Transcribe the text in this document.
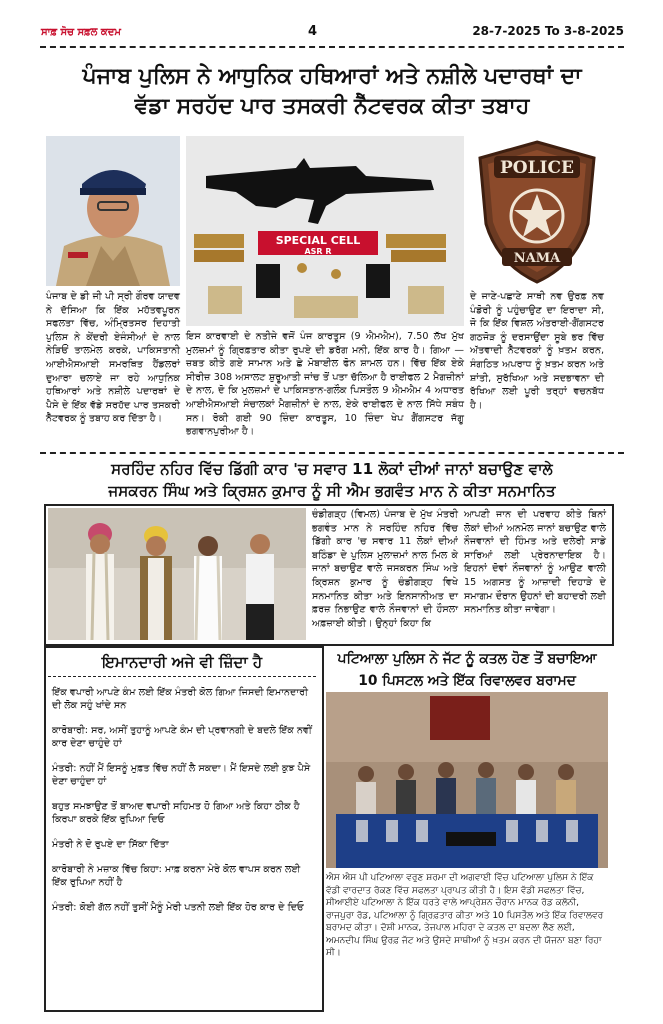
ਸਾਫ਼ ਸੋਚ ਸਫ਼ਲ ਕਦਮ	4	28-7-2025 To 3-8-2025
ਪੰਜਾਬ ਪੁਲਿਸ ਨੇ ਆਧੁਨਿਕ ਹਥਿਆਰਾਂ ਅਤੇ ਨਸ਼ੀਲੇ ਪਦਾਰਥਾਂ ਦਾ
ਵੱਡਾ ਸਰਹੱਦ ਪਾਰ ਤਸਕਰੀ ਨੈੱਟਵਰਕ ਕੀਤਾ ਤਬਾਹ
SPECIAL CELL
ASR R
POLICE
NAMA
ਪੰਜਾਬ ਦੇ ਡੀ ਜੀ ਪੀ ਸ੍ਰੀ ਗੌਰਵ ਯਾਦਵ ਨੇ ਦੱਸਿਆ ਕਿ ਇੱਕ ਮਹੱਤਵਪੂਰਨ ਸਫਲਤਾ ਵਿੱਚ, ਅੰਮ੍ਰਿਤਸਰ ਦਿਹਾਤੀ ਪੁਲਿਸ ਨੇ ਕੇਂਦਰੀ ਏਜੰਸੀਆਂ ਦੇ ਨਾਲ ਨੇੜਿਓਂ ਤਾਲਮੇਲ ਕਰਕੇ, ਪਾਕਿਸਤਾਨੀ ਆਈਐਸਆਈ ਸਮਰਥਿਤ ਹੈਂਡਲਰਾਂ ਦੁਆਰਾ ਚਲਾਏ ਜਾ ਰਹੇ ਆਧੁਨਿਕ ਹਥਿਆਰਾਂ ਅਤੇ ਨਸ਼ੀਲੇ ਪਦਾਰਥਾਂ ਦੇ ਪੈਸੇ ਦੇ ਇੱਕ ਵੱਡੇ ਸਰਹੱਦ ਪਾਰ ਤਸਕਰੀ ਨੈੱਟਵਰਕ ਨੂੰ ਤਬਾਹ ਕਰ ਦਿੱਤਾ ਹੈ।
ਇਸ ਕਾਰਵਾਈ ਦੇ ਨਤੀਜੇ ਵਜੋਂ ਪੰਜ ਕਾਰਤੂਸ (9 ਐਮਐਮ), 7.50 ਲੱਖ ਮੁੱਖ ਮੁਲਜ਼ਮਾਂ ਨੂੰ ਗ੍ਰਿਫ਼ਤਾਰ ਕੀਤਾ ਰੁਪਏ ਦੀ ਡਰੱਗ ਮਨੀ, ਇੱਕ ਕਾਰ ਹੈ। ਗਿਆ — ਜ਼ਬਤ ਕੀਤੇ ਗਏ ਸਾਮਾਨ ਅਤੇ ਛੇ ਮੋਬਾਈਲ ਫੋਨ ਸ਼ਾਮਲ ਹਨ। ਵਿੱਚ ਇੱਕ ਏਕੇ ਸੀਰੀਜ਼ 308 ਅਸਾਲਟ ਸ਼ੁਰੂਆਤੀ ਜਾਂਚ ਤੋਂ ਪਤਾ ਚੱਲਿਆ ਹੈ ਰਾਈਫਲ 2 ਮੈਗਜ਼ੀਨਾਂ ਦੇ ਨਾਲ, ਦੋ ਕਿ ਮੁਲਜ਼ਮਾਂ ਦੇ ਪਾਕਿਸਤਾਨ-ਗਲੌਕ ਪਿਸਤੌਲ 9 ਐਮਐਮ 4 ਅਧਾਰਤ ਆਈਐਸਆਈ ਸੰਚਾਲਕਾਂ ਮੈਗਜ਼ੀਨਾਂ ਦੇ ਨਾਲ, ਏਕੇ ਰਾਈਫਲ ਦੇ ਨਾਲ ਸਿੱਧੇ ਸਬੰਧ ਸਨ। ਰੋਕੀ ਗਈ 90 ਜ਼ਿੰਦਾ ਕਾਰਤੂਸ, 10 ਜ਼ਿੰਦਾ ਖੇਪ ਗੈਂਗਸਟਰ ਜੱਗੂ ਭਗਵਾਨਪੁਰੀਆ ਹੈ।
ਦੇ ਜਾਣੇ-ਪਛਾਣੇ ਸਾਥੀ ਨਵ ਉਰਫ਼ ਨਵ ਪੰਡੋਰੀ ਨੂੰ ਪਹੁੰਚਾਉਣ ਦਾ ਇਰਾਦਾ ਸੀ, ਜੋ ਕਿ ਇੱਕ ਵਿਸ਼ਲ ਅੰਤਰਾਈ-ਗੈਂਗਸਟਰ ਗਠਜੋੜ ਨੂੰ ਦਰਸਾਉਂਦਾ ਸੂਬੇ ਭਰ ਵਿੱਚ ਅੱਤਵਾਦੀ ਨੈੱਟਵਰਕਾਂ ਨੂੰ ਖ਼ਤਮ ਕਰਨ, ਸੰਗਠਿਤ ਅਪਰਾਧ ਨੂੰ ਖ਼ਤਮ ਕਰਨ ਅਤੇ ਸ਼ਾਂਤੀ, ਸੁਰੱਖਿਆ ਅਤੇ ਸਦਭਾਵਨਾ ਦੀ ਰੱਖਿਆ ਲਈ ਪੂਰੀ ਤਰ੍ਹਾਂ ਵਚਨਬੱਧ ਹੈ।
ਸਰਹਿੰਦ ਨਹਿਰ ਵਿੱਚ ਡਿੱਗੀ ਕਾਰ 'ਚ ਸਵਾਰ 11 ਲੋਕਾਂ ਦੀਆਂ ਜਾਨਾਂ ਬਚਾਉਣ ਵਾਲੇ
ਜਸਕਰਨ ਸਿੰਘ ਅਤੇ ਕ੍ਰਿਸ਼ਨ ਕੁਮਾਰ ਨੂੰ ਸੀ ਐਮ ਭਗਵੰਤ ਮਾਨ ਨੇ ਕੀਤਾ ਸਨਮਾਨਿਤ
ਚੰਡੀਗੜ੍ਹ (ਵਿਮਲ) ਪੰਜਾਬ ਦੇ ਮੁੱਖ ਮੰਤਰੀ ਭਗਵੰਤ ਮਾਨ ਨੇ ਸਰਹਿੰਦ ਨਹਿਰ ਵਿੱਚ ਡਿੱਗੀ ਕਾਰ 'ਚ ਸਵਾਰ 11 ਲੋਕਾਂ ਦੀਆਂ ਬਠਿੰਡਾ ਦੇ ਪੁਲਿਸ ਮੁਲਾਜ਼ਮਾਂ ਨਾਲ ਮਿਲ ਕੇ ਜਾਨਾਂ ਬਚਾਉਣ ਵਾਲੇ ਜਸਕਰਨ ਸਿੰਘ ਅਤੇ ਕ੍ਰਿਸ਼ਨ ਕੁਮਾਰ ਨੂੰ ਚੰਡੀਗੜ੍ਹ ਵਿਖੇ ਸਨਮਾਨਿਤ ਕੀਤਾ ਅਤੇ ਇਨਸਾਨੀਅਤ ਦਾ ਫ਼ਰਜ਼ ਨਿਭਾਉਣ ਵਾਲੇ ਨੌਜਵਾਨਾਂ ਦੀ ਹੌਸਲਾ ਅਫ਼ਜ਼ਾਈ ਕੀਤੀ। ਉਨ੍ਹਾਂ ਕਿਹਾ ਕਿ
ਆਪਣੀ ਜਾਨ ਦੀ ਪਰਵਾਹ ਕੀਤੇ ਬਿਨਾਂ ਲੋਕਾਂ ਦੀਆਂ ਅਨਮੋਲ ਜਾਨਾਂ ਬਚਾਉਣ ਵਾਲੇ ਨੌਜਵਾਨਾਂ ਦੀ ਹਿੰਮਤ ਅਤੇ ਦਲੇਰੀ ਸਾਡੇ ਸਾਰਿਆਂ ਲਈ ਪ੍ਰੇਰਨਾਦਾਇਕ ਹੈ। ਇਹਨਾਂ ਦੋਵਾਂ ਨੌਜਵਾਨਾਂ ਨੂੰ ਆਉਣ ਵਾਲੀ 15 ਅਗਸਤ ਨੂੰ ਆਜ਼ਾਦੀ ਦਿਹਾੜੇ ਦੇ ਸਮਾਗਮ ਦੌਰਾਨ ਉਹਨਾਂ ਦੀ ਬਹਾਦਰੀ ਲਈ ਸਨਮਾਨਿਤ ਕੀਤਾ ਜਾਵੇਗਾ।
ਇਮਾਨਦਾਰੀ ਅਜੇ ਵੀ ਜ਼ਿੰਦਾ ਹੈ

ਇੱਕ ਵਪਾਰੀ ਆਪਣੇ ਕੰਮ ਲਈ ਇੱਕ ਮੰਤਰੀ ਕੋਲ ਗਿਆ ਜਿਸਦੀ ਇਮਾਨਦਾਰੀ ਦੀ ਲੋਕ ਸਹੁੰ ਖਾਂਦੇ ਸਨ

ਕਾਰੋਬਾਰੀ: ਸਰ, ਅਸੀਂ ਤੁਹਾਨੂੰ ਆਪਣੇ ਕੰਮ ਦੀ ਪ੍ਰਵਾਨਗੀ ਦੇ ਬਦਲੇ ਇੱਕ ਨਵੀਂ ਕਾਰ ਦੇਣਾ ਚਾਹੁੰਦੇ ਹਾਂ

ਮੰਤਰੀ: ਨਹੀਂ ਮੈਂ ਇਸਨੂੰ ਮੁਫ਼ਤ ਵਿੱਚ ਨਹੀਂ ਲੈ ਸਕਦਾ। ਮੈਂ ਇਸਦੇ ਲਈ ਕੁਝ ਪੈਸੇ ਦੇਣਾ ਚਾਹੁੰਦਾ ਹਾਂ

ਬਹੁਤ ਸਮਝਾਉਣ ਤੋਂ ਬਾਅਦ ਵਪਾਰੀ ਸਹਿਮਤ ਹੋ ਗਿਆ ਅਤੇ ਕਿਹਾ ਠੀਕ ਹੈ ਕਿਰਪਾ ਕਰਕੇ ਇੱਕ ਰੁਪਿਆ ਦਿਓ

ਮੰਤਰੀ ਨੇ ਦੋ ਰੁਪਏ ਦਾ ਸਿੱਕਾ ਦਿੱਤਾ

ਕਾਰੋਬਾਰੀ ਨੇ ਮਜ਼ਾਕ ਵਿੱਚ ਕਿਹਾ: ਮਾਫ਼ ਕਰਨਾ ਮੇਰੇ ਕੋਲ ਵਾਪਸ ਕਰਨ ਲਈ ਇੱਕ ਰੁਪਿਆ ਨਹੀਂ ਹੈ

ਮੰਤਰੀ: ਕੋਈ ਗੱਲ ਨਹੀਂ ਤੁਸੀਂ ਮੈਨੂੰ ਮੇਰੀ ਪਤਨੀ ਲਈ ਇੱਕ ਹੋਰ ਕਾਰ ਦੇ ਦਿਓ

ਪਟਿਆਲਾ ਪੁਲਿਸ ਨੇ ਜੱਟ ਨੂੰ ਕਤਲ ਹੋਣ ਤੋਂ ਬਚਾਇਆ
10 ਪਿਸਟਲ ਅਤੇ ਇੱਕ ਰਿਵਾਲਵਰ ਬਰਾਮਦ
ਐਸ ਐਸ ਪੀ ਪਟਿਆਲਾ ਵਰੁਣ ਸ਼ਰਮਾ ਦੀ ਅਗਵਾਈ ਵਿੱਚ ਪਟਿਆਲਾ ਪੁਲਿਸ ਨੇ ਇੱਕ ਵੱਡੀ ਵਾਰਦਾਤ ਰੋਕਣ ਵਿੱਚ ਸਫਲਤਾ ਪ੍ਰਾਪਤ ਕੀਤੀ ਹੈ। ਇਸ ਵੱਡੀ ਸਫਲਤਾ ਵਿੱਚ, ਸੀਆਈਏ ਪਟਿਆਲਾ ਨੇ ਇੱਕ ਧਰਤੇ ਵਾਲੇ ਆਪ੍ਰੇਸ਼ਨ ਚੌਰਾਨ ਮਾਨਕ ਰੋਡ ਕਲੋਨੀ, ਰਾਜਪੁਰਾ ਰੋਡ, ਪਟਿਆਲਾ ਨੂੰ ਗ੍ਰਿਫ਼ਤਾਰ ਕੀਤਾ ਅਤੇ 10 ਪਿਸਤੌਲ ਅਤੇ ਇੱਕ ਰਿਵਾਲਵਰ ਬਰਾਮਦ ਕੀਤਾ। ਦੋਸ਼ੀ ਮਾਨਕ, ਤੇਜਪਾਲ ਮਹਿਰਾ ਦੇ ਕਤਲ ਦਾ ਬਦਲਾ ਲੈਣ ਲਈ, ਅਮਨਦੀਪ ਸਿੰਘ ਉਰਫ਼ ਜੱਟ ਅਤੇ ਉਸਦੇ ਸਾਥੀਆਂ ਨੂੰ ਖ਼ਤਮ ਕਰਨ ਦੀ ਯੋਜਨਾ ਬਣਾ ਰਿਹਾ ਸੀ।
